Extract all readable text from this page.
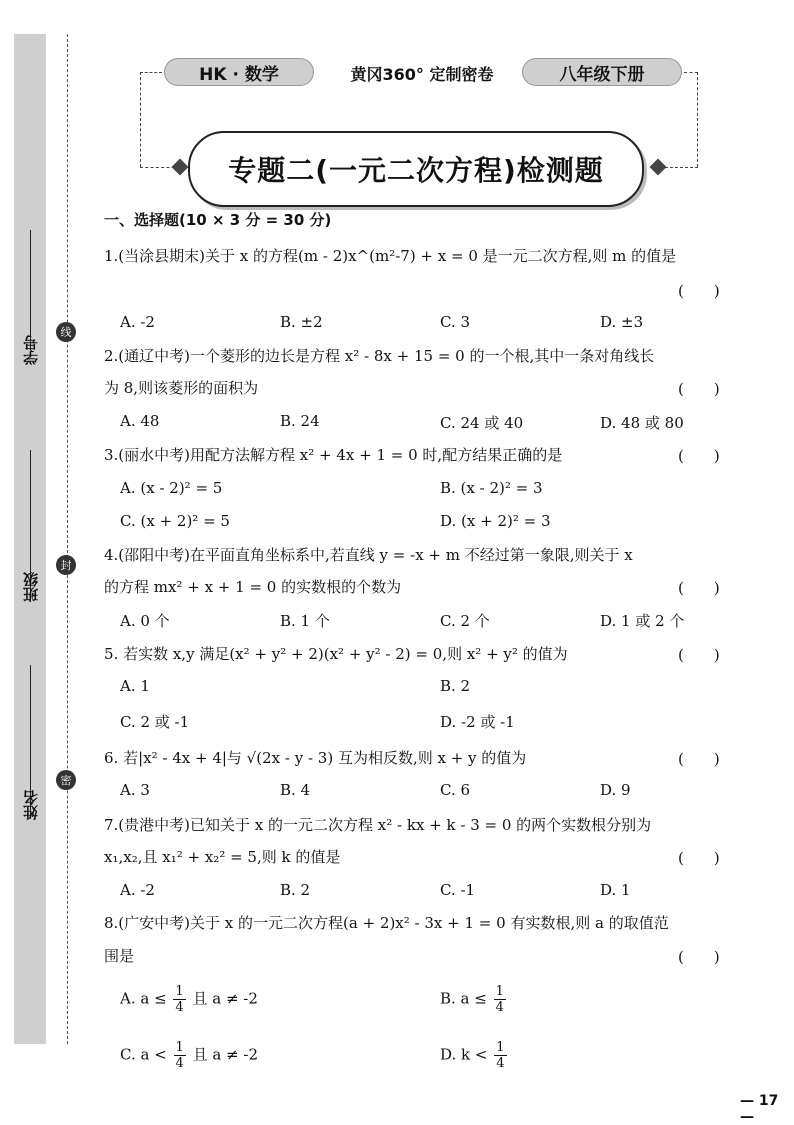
学号
班级
姓名
线
封
密
HK · 数学	黄冈360° 定制密卷	八年级下册
专题二(一元二次方程)检测题
一、选择题(10 × 3 分 = 30 分)
1.(当涂县期末)关于 x 的方程(m - 2)x^(m²-7) + x = 0 是一元二次方程,则 m 的值是
(　　)
A. -2	B. ±2	C. 3	D. ±3
2.(通辽中考)一个菱形的边长是方程 x² - 8x + 15 = 0 的一个根,其中一条对角线长
为 8,则该菱形的面积为	(　　)
A. 48	B. 24	C. 24 或 40	D. 48 或 80
3.(丽水中考)用配方法解方程 x² + 4x + 1 = 0 时,配方结果正确的是	(　　)
A. (x - 2)² = 5	B. (x - 2)² = 3
C. (x + 2)² = 5	D. (x + 2)² = 3
4.(邵阳中考)在平面直角坐标系中,若直线 y = -x + m 不经过第一象限,则关于 x
的方程 mx² + x + 1 = 0 的实数根的个数为	(　　)
A. 0 个	B. 1 个	C. 2 个	D. 1 或 2 个
5. 若实数 x,y 满足(x² + y² + 2)(x² + y² - 2) = 0,则 x² + y² 的值为	(　　)
A. 1	B. 2
C. 2 或 -1	D. -2 或 -1
6. 若|x² - 4x + 4|与 √(2x - y - 3) 互为相反数,则 x + y 的值为	(　　)
A. 3	B. 4	C. 6	D. 9
7.(贵港中考)已知关于 x 的一元二次方程 x² - kx + k - 3 = 0 的两个实数根分别为
x₁,x₂,且 x₁² + x₂² = 5,则 k 的值是	(　　)
A. -2	B. 2	C. -1	D. 1
8.(广安中考)关于 x 的一元二次方程(a + 2)x² - 3x + 1 = 0 有实数根,则 a 的取值范
围是	(　　)
A. $a \le \frac{1}{4}$ 且 a ≠ -2	B. $a \le \frac{1}{4}$
C. $a < \frac{1}{4}$ 且 a ≠ -2	D. $k < \frac{1}{4}$
— 17 —
